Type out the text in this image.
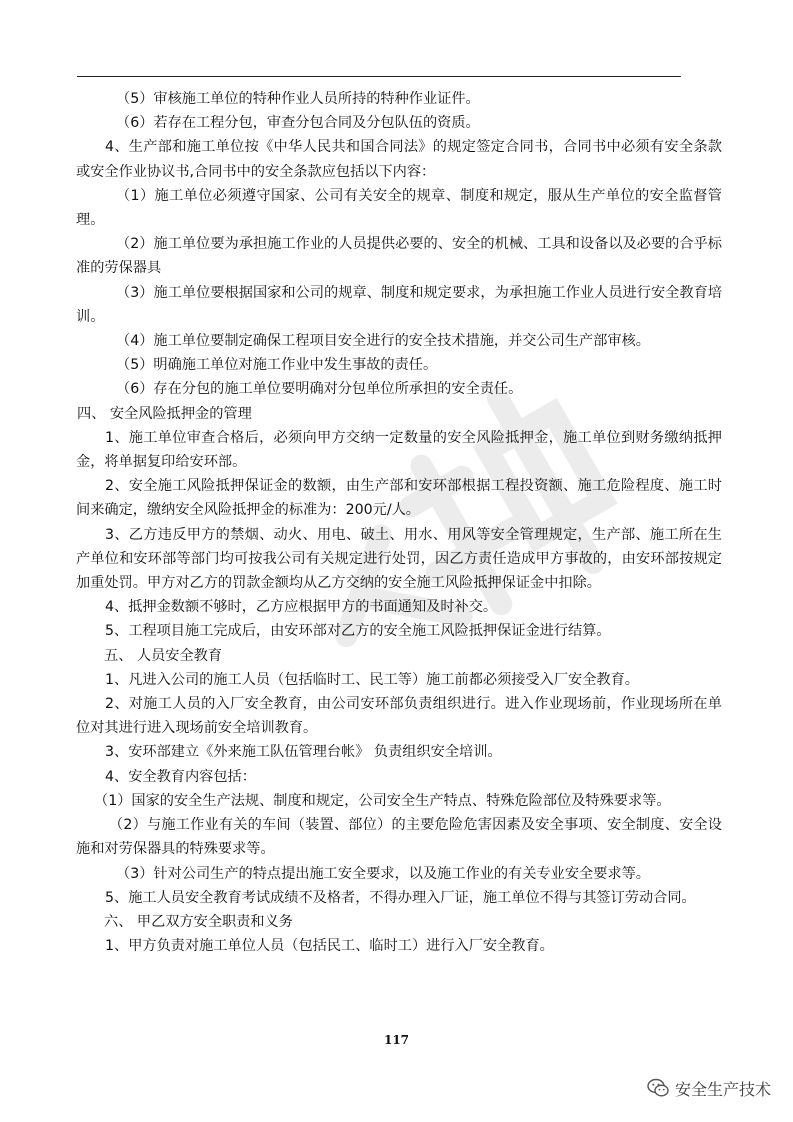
（5）审核施工单位的特种作业人员所持的特种作业证件。

（6）若存在工程分包，审查分包合同及分包队伍的资质。

4、生产部和施工单位按《中华人民共和国合同法》的规定签定合同书，合同书中必须有安全条款或安全作业协议书,合同书中的安全条款应包括以下内容：

（1）施工单位必须遵守国家、公司有关安全的规章、制度和规定，服从生产单位的安全监督管理。

（2）施工单位要为承担施工作业的人员提供必要的、安全的机械、工具和设备以及必要的合乎标准的劳保器具

（3）施工单位要根据国家和公司的规章、制度和规定要求，为承担施工作业人员进行安全教育培训。

（4）施工单位要制定确保工程项目安全进行的安全技术措施，并交公司生产部审核。

（5）明确施工单位对施工作业中发生事故的责任。

（6）存在分包的施工单位要明确对分包单位所承担的安全责任。

四、 安全风险抵押金的管理

1、施工单位审查合格后，必须向甲方交纳一定数量的安全风险抵押金，施工单位到财务缴纳抵押金，将单据复印给安环部。

2、安全施工风险抵押保证金的数额，由生产部和安环部根据工程投资额、施工危险程度、施工时间来确定，缴纳安全风险抵押金的标准为：200元/人。

3、乙方违反甲方的禁烟、动火、用电、破土、用水、用风等安全管理规定，生产部、施工所在生产单位和安环部等部门均可按我公司有关规定进行处罚，因乙方责任造成甲方事故的，由安环部按规定加重处罚。甲方对乙方的罚款金额均从乙方交纳的安全施工风险抵押保证金中扣除。

4、抵押金数额不够时，乙方应根据甲方的书面通知及时补交。

5、工程项目施工完成后，由安环部对乙方的安全施工风险抵押保证金进行结算。

五、 人员安全教育

1、凡进入公司的施工人员（包括临时工、民工等）施工前都必须接受入厂安全教育。

2、对施工人员的入厂安全教育，由公司安环部负责组织进行。进入作业现场前，作业现场所在单位对其进行进入现场前安全培训教育。

3、安环部建立《外来施工队伍管理台帐》 负责组织安全培训。

4、安全教育内容包括：

（1）国家的安全生产法规、制度和规定，公司安全生产特点、特殊危险部位及特殊要求等。

（2）与施工作业有关的车间（装置、部位）的主要危险危害因素及安全事项、安全制度、安全设施和对劳保器具的特殊要求等。

（3）针对公司生产的特点提出施工安全要求，以及施工作业的有关专业安全要求等。

5、施工人员安全教育考试成绩不及格者，不得办理入厂证，施工单位不得与其签订劳动合同。

六、 甲乙双方安全职责和义务

1、甲方负责对施工单位人员（包括民工、临时工）进行入厂安全教育。

117
安全生产技术
